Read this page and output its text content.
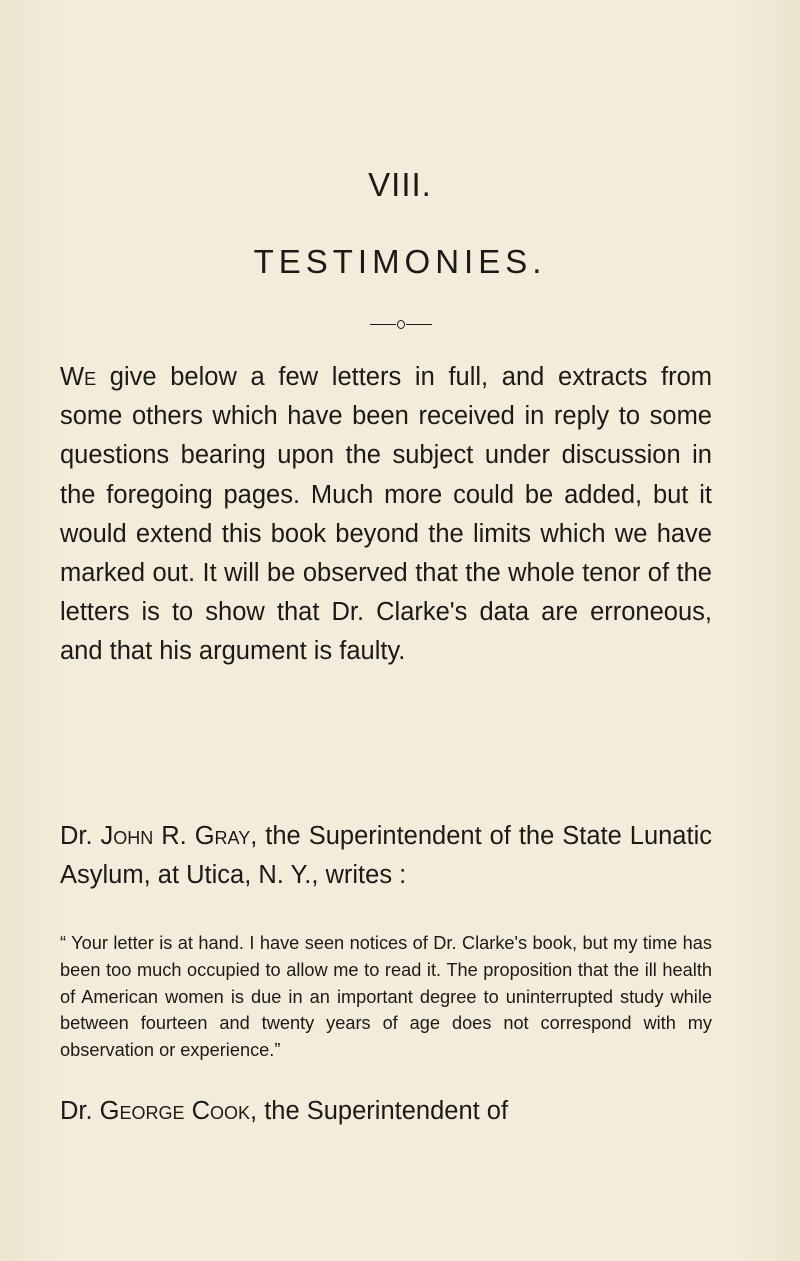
VIII.
TESTIMONIES.

We give below a few letters in full, and extracts from some others which have been received in reply to some questions bearing upon the subject under discussion in the foregoing pages. Much more could be added, but it would extend this book beyond the limits which we have marked out. It will be observed that the whole tenor of the letters is to show that Dr. Clarke's data are erroneous, and that his argument is faulty.

Dr. John R. Gray, the Superintendent of the State Lunatic Asylum, at Utica, N. Y., writes :

“ Your letter is at hand. I have seen notices of Dr. Clarke's book, but my time has been too much occupied to allow me to read it. The proposition that the ill health of American women is due in an important degree to uninterrupted study while between fourteen and twenty years of age does not correspond with my observation or experience.”

Dr. George Cook, the Superintendent of
